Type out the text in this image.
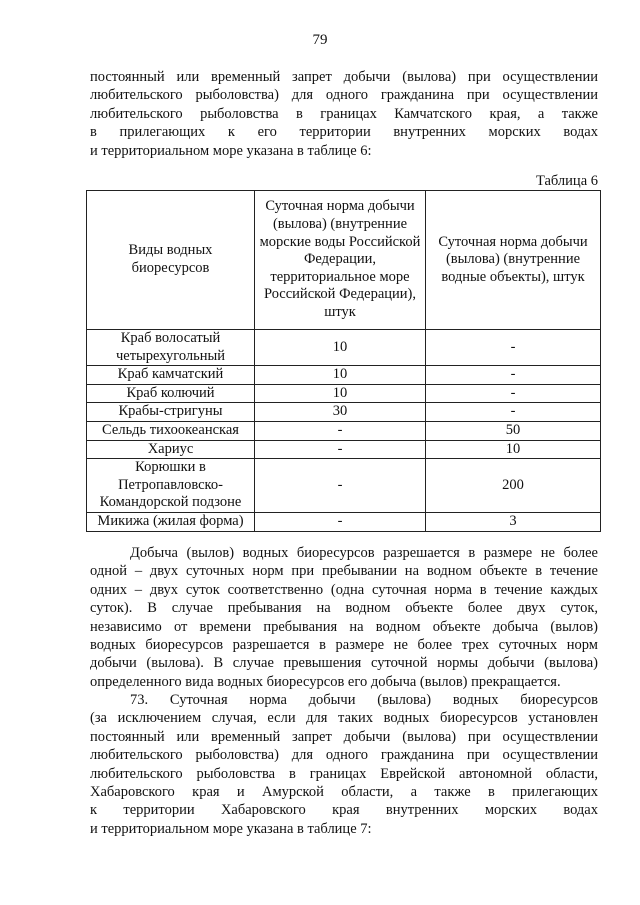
79
постоянный или временный запрет добычи (вылова) при осуществлении
любительского рыболовства) для одного гражданина при осуществлении
любительского рыболовства в границах Камчатского края, а также
в прилегающих к его территории внутренних морских водах
и территориальном море указана в таблице 6:
Таблица 6
Виды водных биоресурсов	Суточная норма добычи (вылова) (внутренние морские воды Российской Федерации, территориальное море Российской Федерации), штук	Суточная норма добычи (вылова) (внутренние водные объекты), штук
Краб волосатый четырехугольный	10	-
Краб камчатский	10	-
Краб колючий	10	-
Крабы-стригуны	30	-
Сельдь тихоокеанская	-	50
Хариус	-	10
Корюшки в Петропавловско-Командорской подзоне	-	200
Микижа (жилая форма)	-	3
Добыча (вылов) водных биоресурсов разрешается в размере не более
одной – двух суточных норм при пребывании на водном объекте в течение
одних – двух суток соответственно (одна суточная норма в течение каждых
суток). В случае пребывания на водном объекте более двух суток,
независимо от времени пребывания на водном объекте добыча (вылов)
водных биоресурсов разрешается в размере не более трех суточных норм
добычи (вылова). В случае превышения суточной нормы добычи (вылова)
определенного вида водных биоресурсов его добыча (вылов) прекращается.
73. Суточная норма добычи (вылова) водных биоресурсов
(за исключением случая, если для таких водных биоресурсов установлен
постоянный или временный запрет добычи (вылова) при осуществлении
любительского рыболовства) для одного гражданина при осуществлении
любительского рыболовства в границах Еврейской автономной области,
Хабаровского края и Амурской области, а также в прилегающих
к территории Хабаровского края внутренних морских водах
и территориальном море указана в таблице 7:
